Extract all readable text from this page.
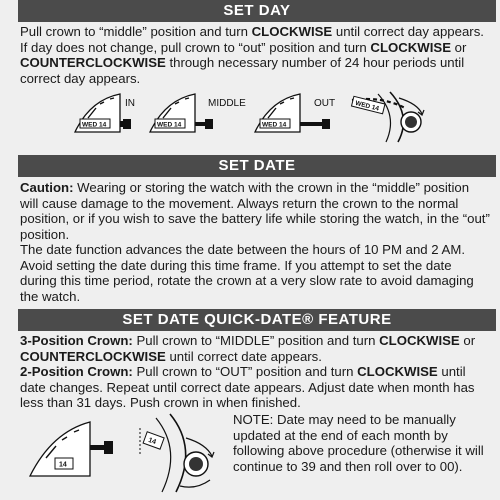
SET DAY

Pull crown to “middle” position and turn CLOCKWISE until correct day appears. If day does not change, pull crown to “out” position and turn CLOCKWISE or COUNTERCLOCKWISE through necessary number of 24 hour periods until correct day appears.

WED 14
IN
WED 14
MIDDLE
WED 14
OUT	WED 14
SET DATE

Caution: Wearing or storing the watch with the crown in the “middle” position will cause damage to the movement. Always return the crown to the normal position, or if you wish to save the battery life while storing the watch, in the “out” position.

The date function advances the date between the hours of 10 PM and 2 AM. Avoid setting the date during this time frame. If you attempt to set the date during this time period, rotate the crown at a very slow rate to avoid damaging the watch.

SET DATE QUICK-DATE® FEATURE

3-Position Crown: Pull crown to “MIDDLE” position and turn CLOCKWISE or COUNTERCLOCKWISE until correct date appears.

2-Position Crown: Pull crown to “OUT” position and turn CLOCKWISE until date changes. Repeat until correct date appears. Adjust date when month has less than 31 days. Push crown in when finished.

14
14

NOTE: Date may need to be manually updated at the end of each month by following above procedure (otherwise it will continue to 39 and then roll over to 00).
